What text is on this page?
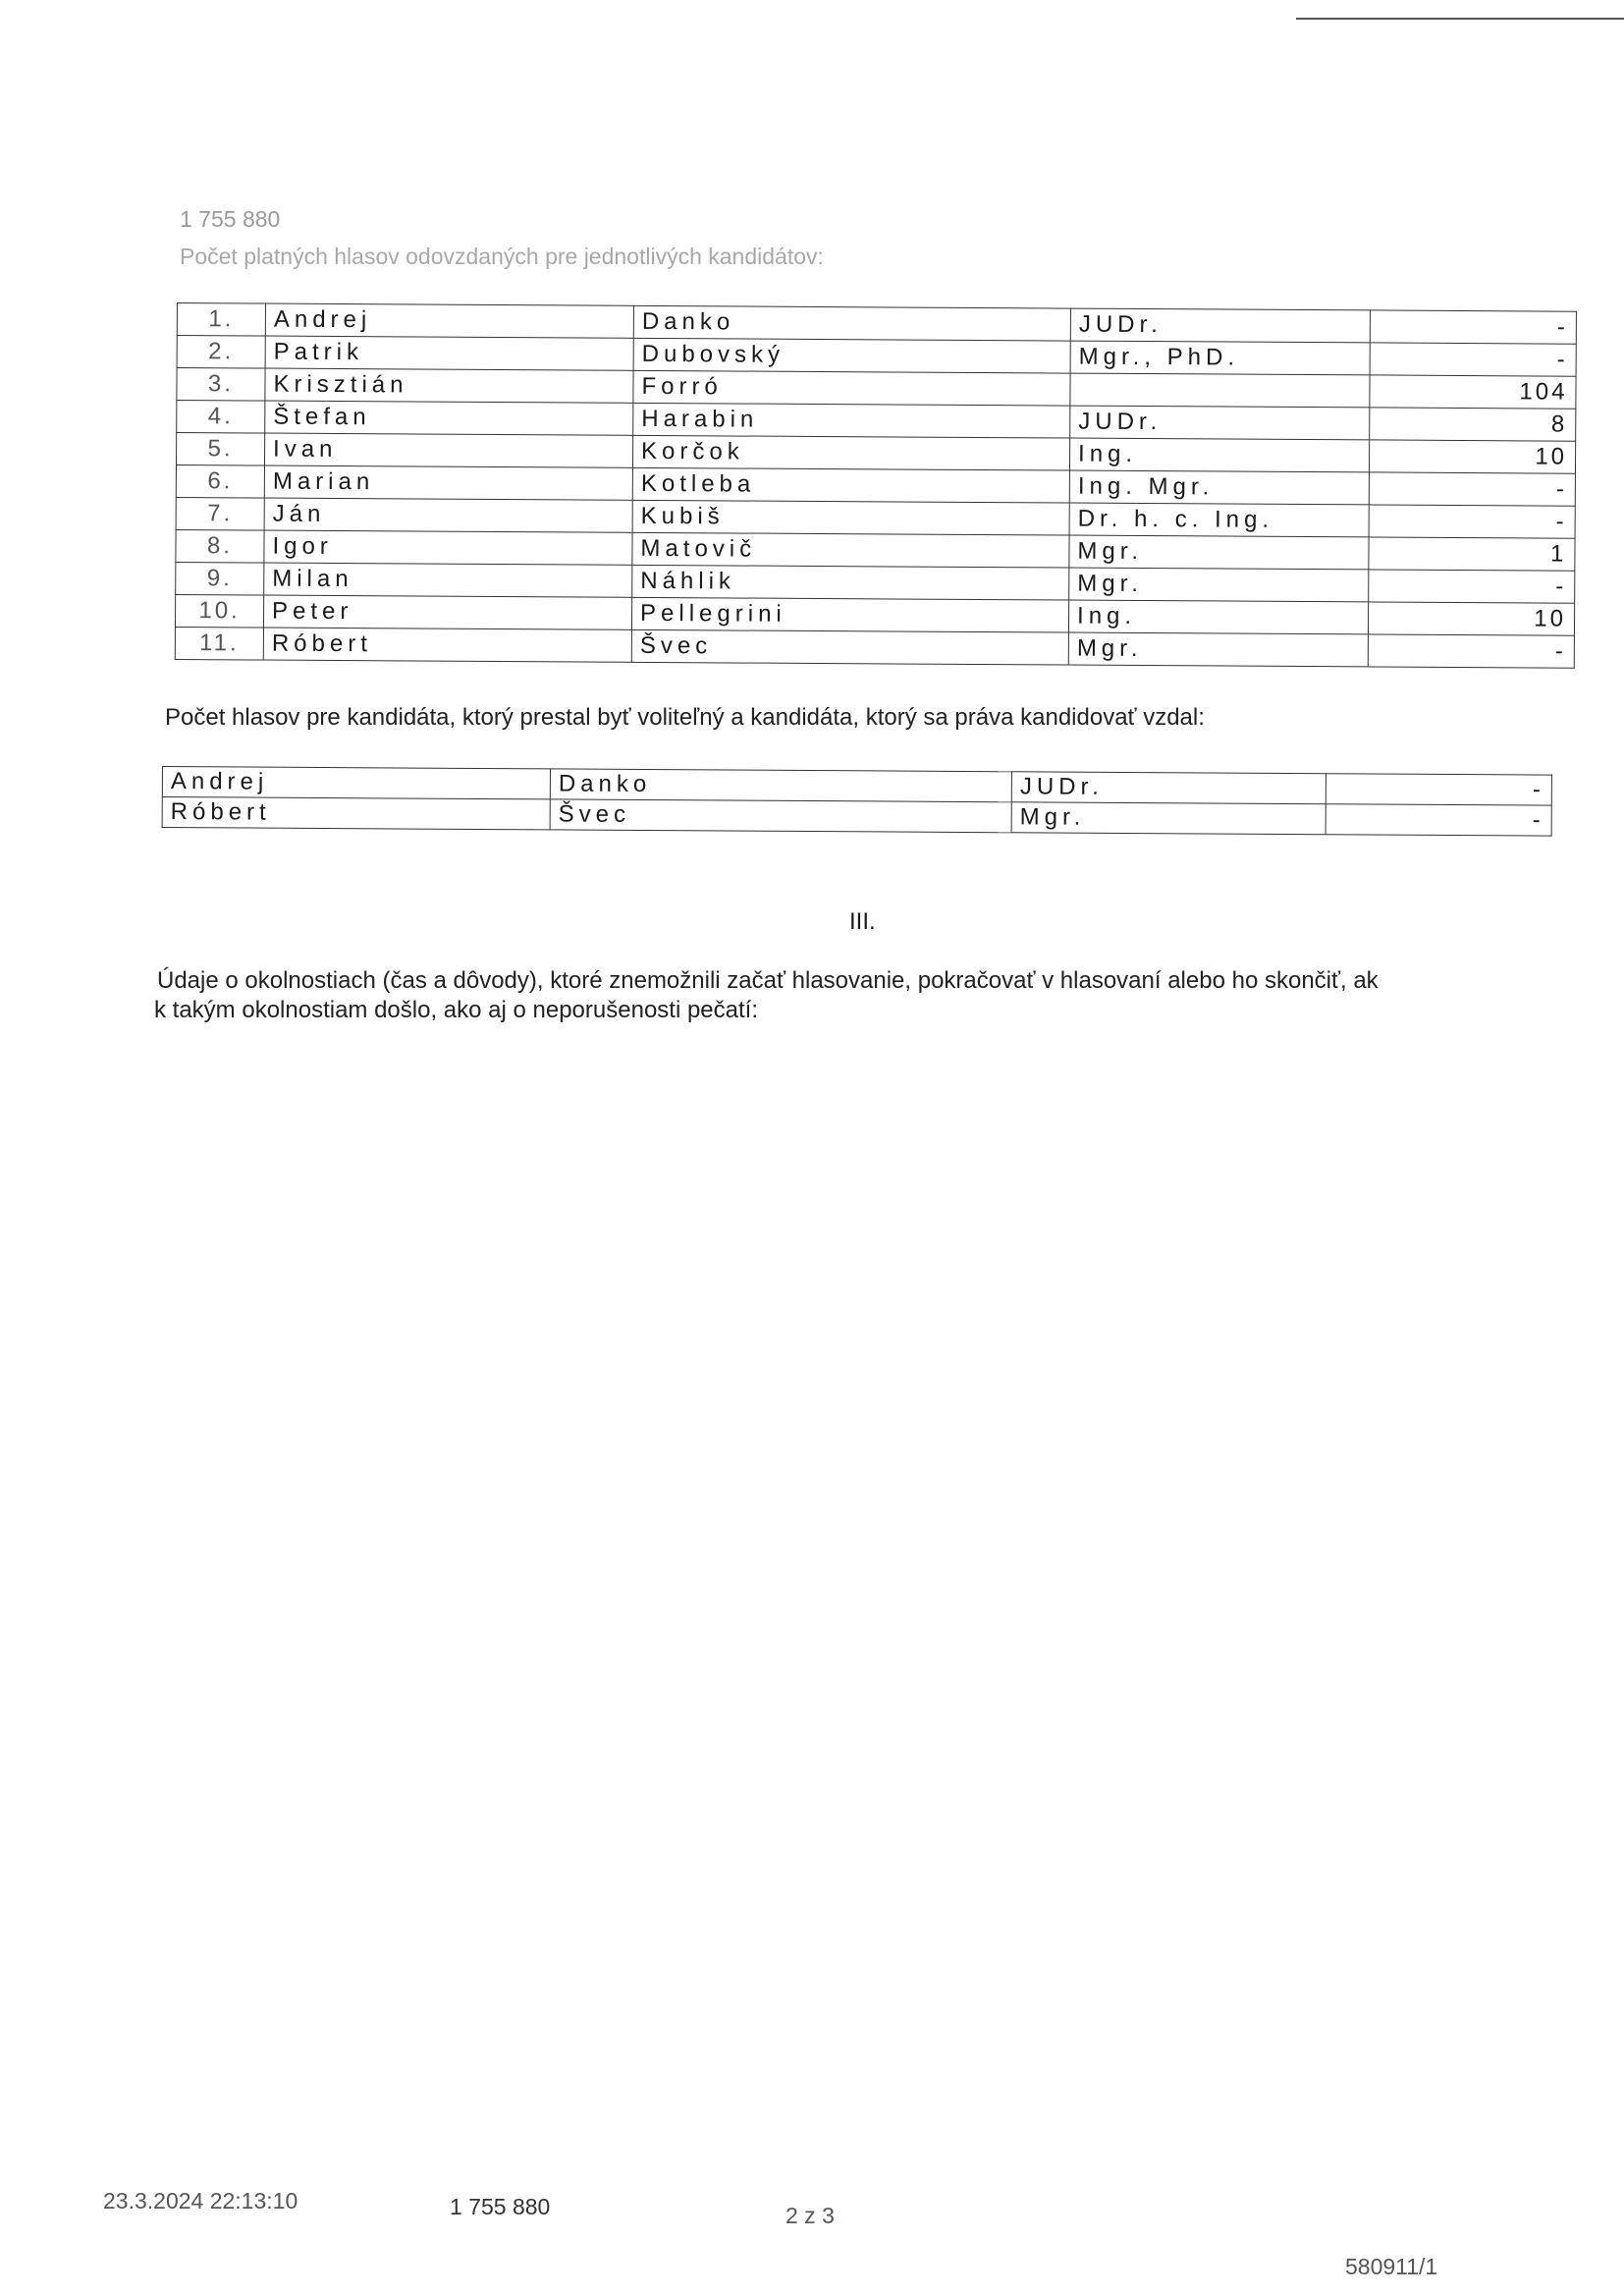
1 755 880
Počet platných hlasov odovzdaných pre jednotlivých kandidátov:
1.	Andrej	Danko	JUDr.	-
2.	Patrik	Dubovský	Mgr., PhD.	-
3.	Krisztián	Forró		104
4.	Štefan	Harabin	JUDr.	8
5.	Ivan	Korčok	Ing.	10
6.	Marian	Kotleba	Ing. Mgr.	-
7.	Ján	Kubiš	Dr. h. c. Ing.	-
8.	Igor	Matovič	Mgr.	1
9.	Milan	Náhlik	Mgr.	-
10.	Peter	Pellegrini	Ing.	10
11.	Róbert	Švec	Mgr.	-
Počet hlasov pre kandidáta, ktorý prestal byť voliteľný a kandidáta, ktorý sa práva kandidovať vzdal:
Andrej	Danko	JUDr.	-
Róbert	Švec	Mgr.	-
III.
Údaje o okolnostiach (čas a dôvody), ktoré znemožnili začať hlasovanie, pokračovať v hlasovaní alebo ho skončiť, ak
k takým okolnostiam došlo, ako aj o neporušenosti pečatí:
23.3.2024 22:13:10	1 755 880	2 z 3
580911/1
